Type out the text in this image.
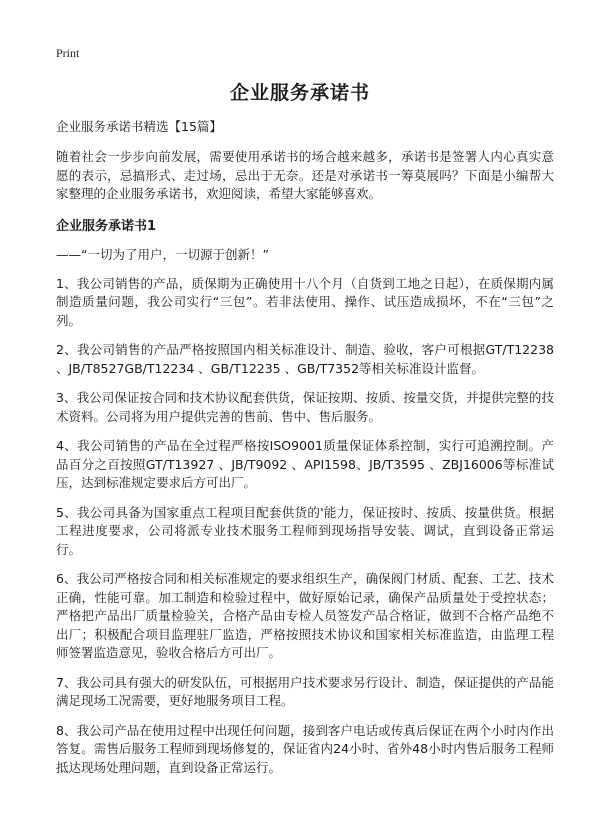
Print
企业服务承诺书
企业服务承诺书精选【15篇】

随着社会一步步向前发展，需要使用承诺书的场合越来越多，承诺书是签署人内心真实意愿的表示，忌搞形式、走过场，忌出于无奈。还是对承诺书一筹莫展吗？下面是小编帮大家整理的企业服务承诺书，欢迎阅读，希望大家能够喜欢。

企业服务承诺书1
——“一切为了用户，一切源于创新！”

1、我公司销售的产品，质保期为正确使用十八个月（自货到工地之日起），在质保期内属制造质量问题，我公司实行“三包”。若非法使用、操作、试压造成损坏，不在“三包”之列。

2、我公司销售的产品严格按照国内相关标准设计、制造、验收，客户可根据GT/T12238 、JB/T8527GB/T12234 、GB/T12235 、GB/T7352等相关标准设计监督。

3、我公司保证按合同和技术协议配套供货，保证按期、按质、按量交货，并提供完整的技术资料。公司将为用户提供完善的售前、售中、售后服务。

4、我公司销售的产品在全过程严格按ISO9001质量保证体系控制，实行可追溯控制。产品百分之百按照GT/T13927 、JB/T9092 、API1598、JB/T3595 、ZBJ16006等标准试压，达到标准规定要求后方可出厂。

5、我公司具备为国家重点工程项目配套供货的'能力，保证按时、按质、按量供货。根据工程进度要求，公司将派专业技术服务工程师到现场指导安装、调试，直到设备正常运行。

6、我公司严格按合同和相关标准规定的要求组织生产，确保阀门材质、配套、工艺、技术正确，性能可靠。加工制造和检验过程中，做好原始记录，确保产品质量处于受控状态；严格把产品出厂质量检验关，合格产品由专检人员签发产品合格证，做到不合格产品绝不出厂；积极配合项目监理驻厂监造，严格按照技术协议和国家相关标准监造，由监理工程师签署监造意见，验收合格后方可出厂。

7、我公司具有强大的研发队伍，可根据用户技术要求另行设计、制造，保证提供的产品能满足现场工况需要，更好地服务项目工程。

8、我公司产品在使用过程中出现任何问题，接到客户电话或传真后保证在两个小时内作出答复。需售后服务工程师到现场修复的，保证省内24小时、省外48小时内售后服务工程师抵达现场处理问题，直到设备正常运行。
